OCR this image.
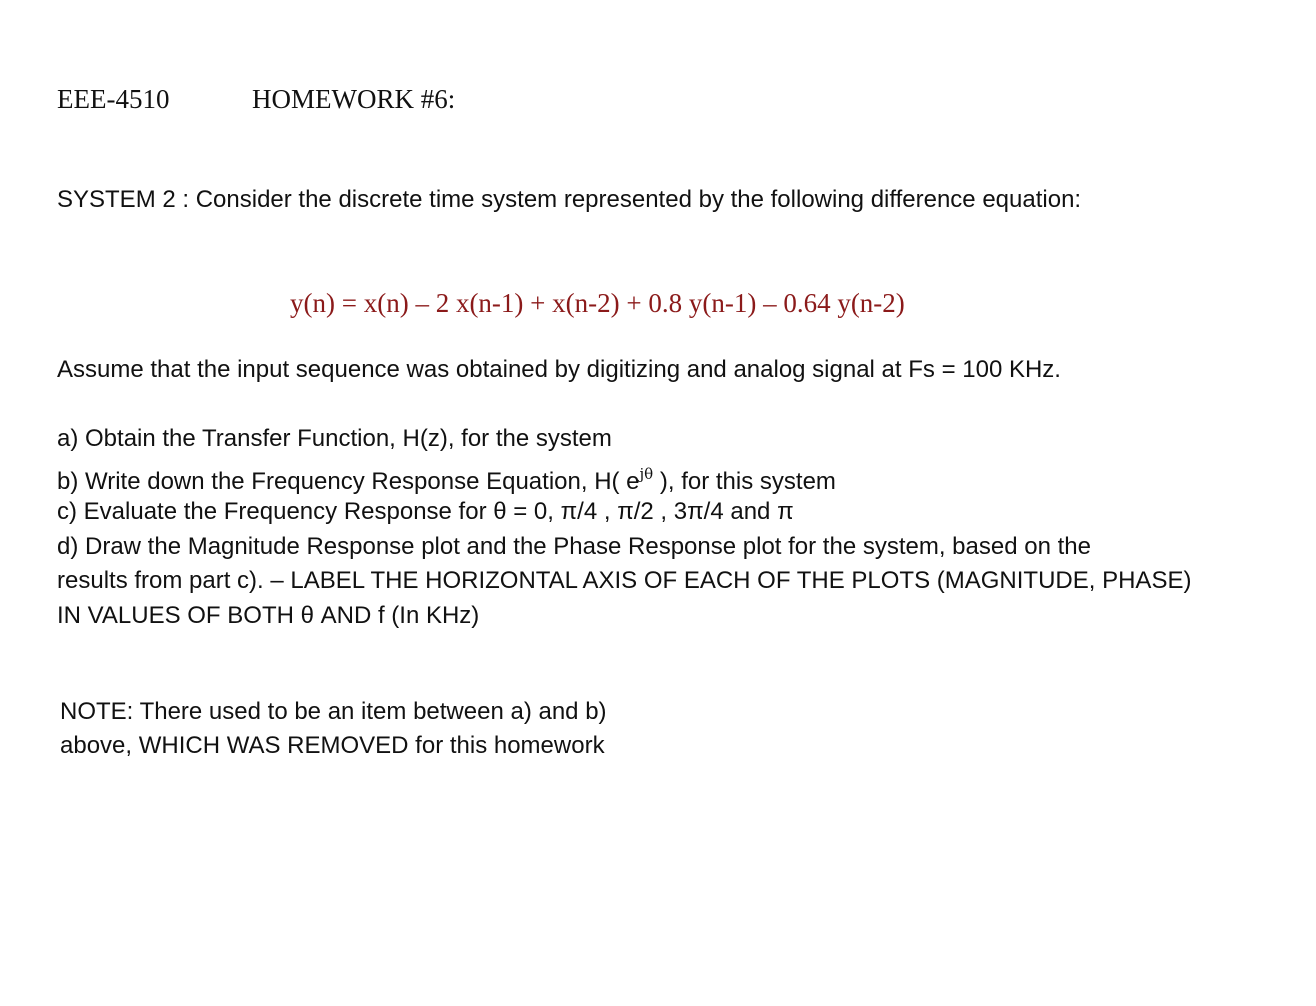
EEE-4510	HOMEWORK #6:
SYSTEM 2 : Consider the discrete time system represented by the following difference equation:
y(n) = x(n) – 2 x(n-1) + x(n-2) + 0.8 y(n-1) – 0.64 y(n-2)
Assume that the input sequence was obtained by digitizing and analog signal at Fs = 100 KHz.
a) Obtain the Transfer Function, H(z), for the system
b) Write down the Frequency Response Equation, H( $e^{j\theta}$ ), for this system
c) Evaluate the Frequency Response for θ = 0, π/4 , π/2 , 3π/4 and π
d) Draw the Magnitude Response plot and the Phase Response plot for the system, based on the
results from part c). – LABEL THE HORIZONTAL AXIS OF EACH OF THE PLOTS (MAGNITUDE, PHASE)
IN VALUES OF BOTH θ AND f (In KHz)
NOTE: There used to be an item between a) and b)
above, WHICH WAS REMOVED for this homework
